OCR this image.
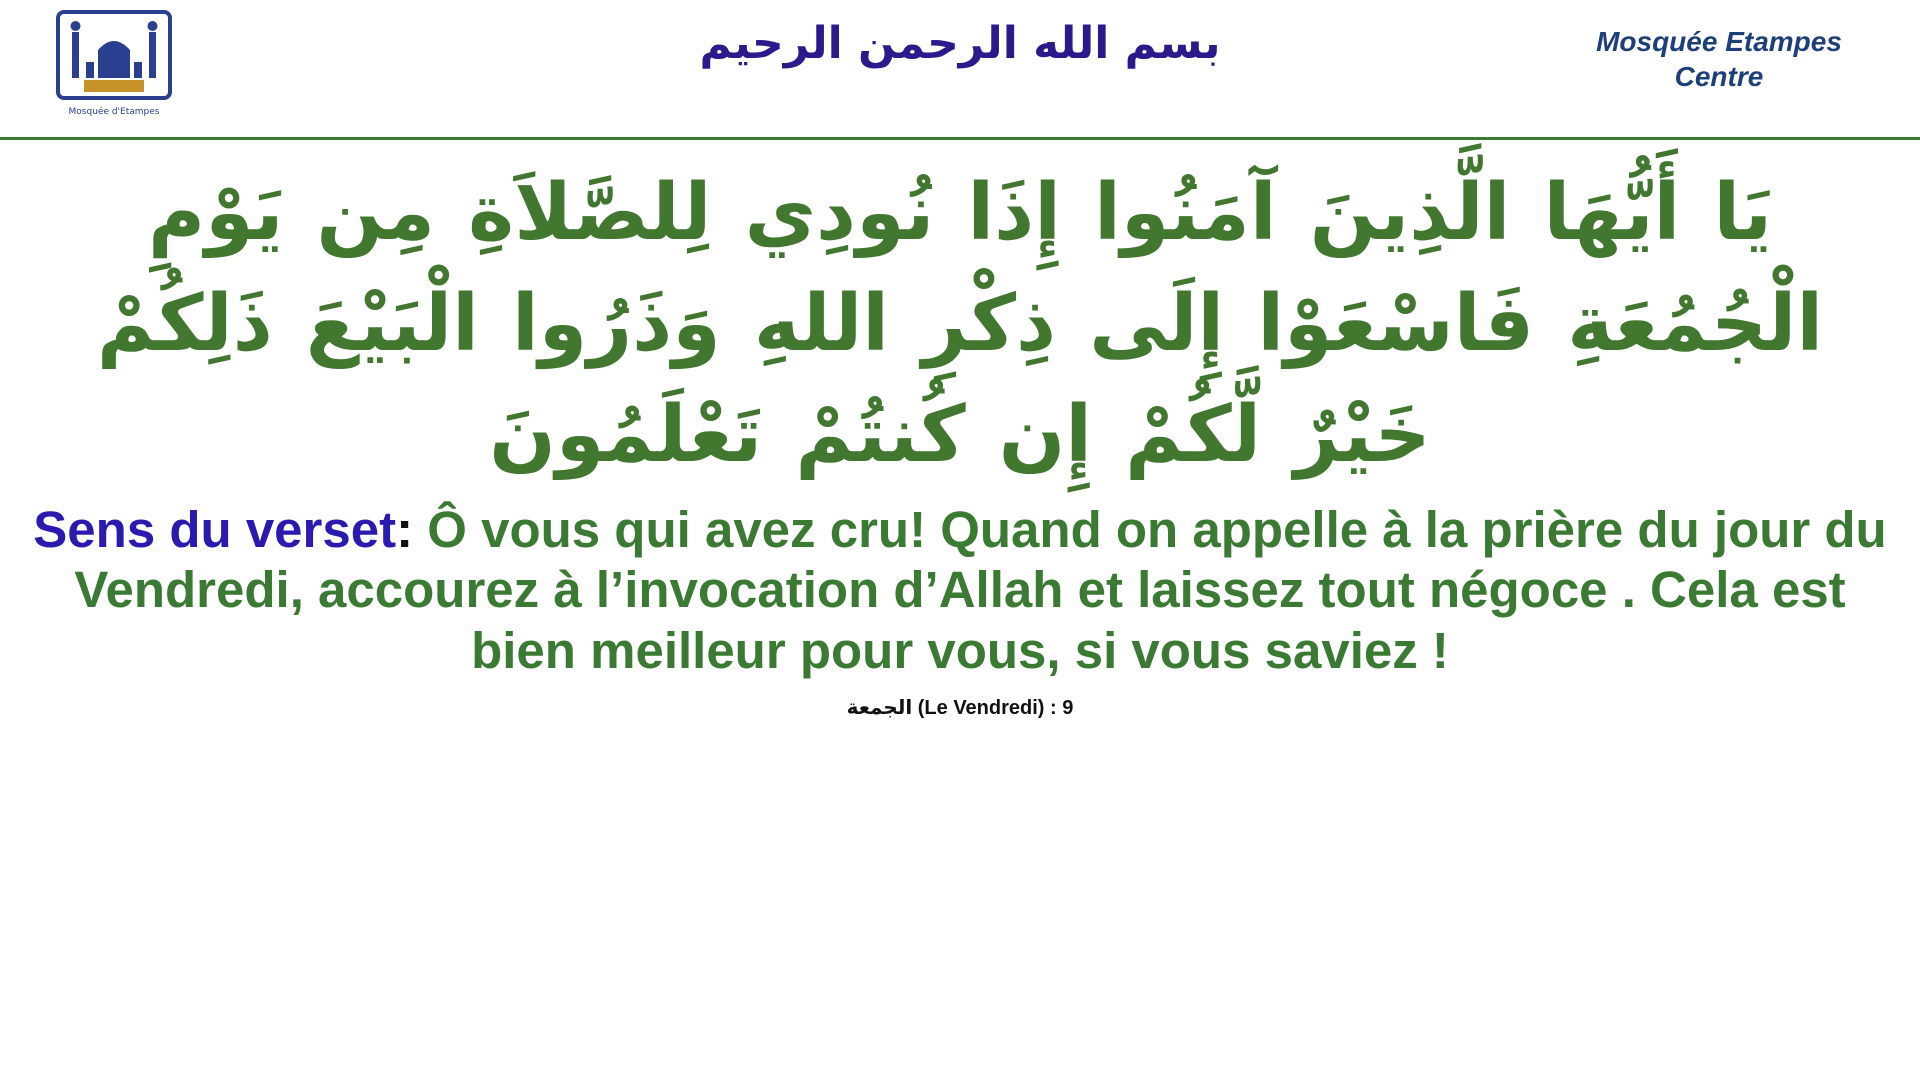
Mosquée d'Etampes
بسم الله الرحمن الرحيم	Mosquée Etampes
Centre
يَا أَيُّهَا الَّذِينَ آمَنُوا إِذَا نُودِي لِلصَّلاَةِ مِن يَوْمِ الْجُمُعَةِ فَاسْعَوْا إِلَى ذِكْرِ اللهِ وَذَرُوا الْبَيْعَ ذَلِكُمْ خَيْرٌ لَّكُمْ إِن كُنتُمْ تَعْلَمُونَ
Sens du verset: Ô vous qui avez cru! Quand on appelle à la prière du jour du Vendredi, accourez à l’invocation d’Allah et laissez tout négoce . Cela est bien meilleur pour vous, si vous saviez !
الجمعة (Le Vendredi) : 9
